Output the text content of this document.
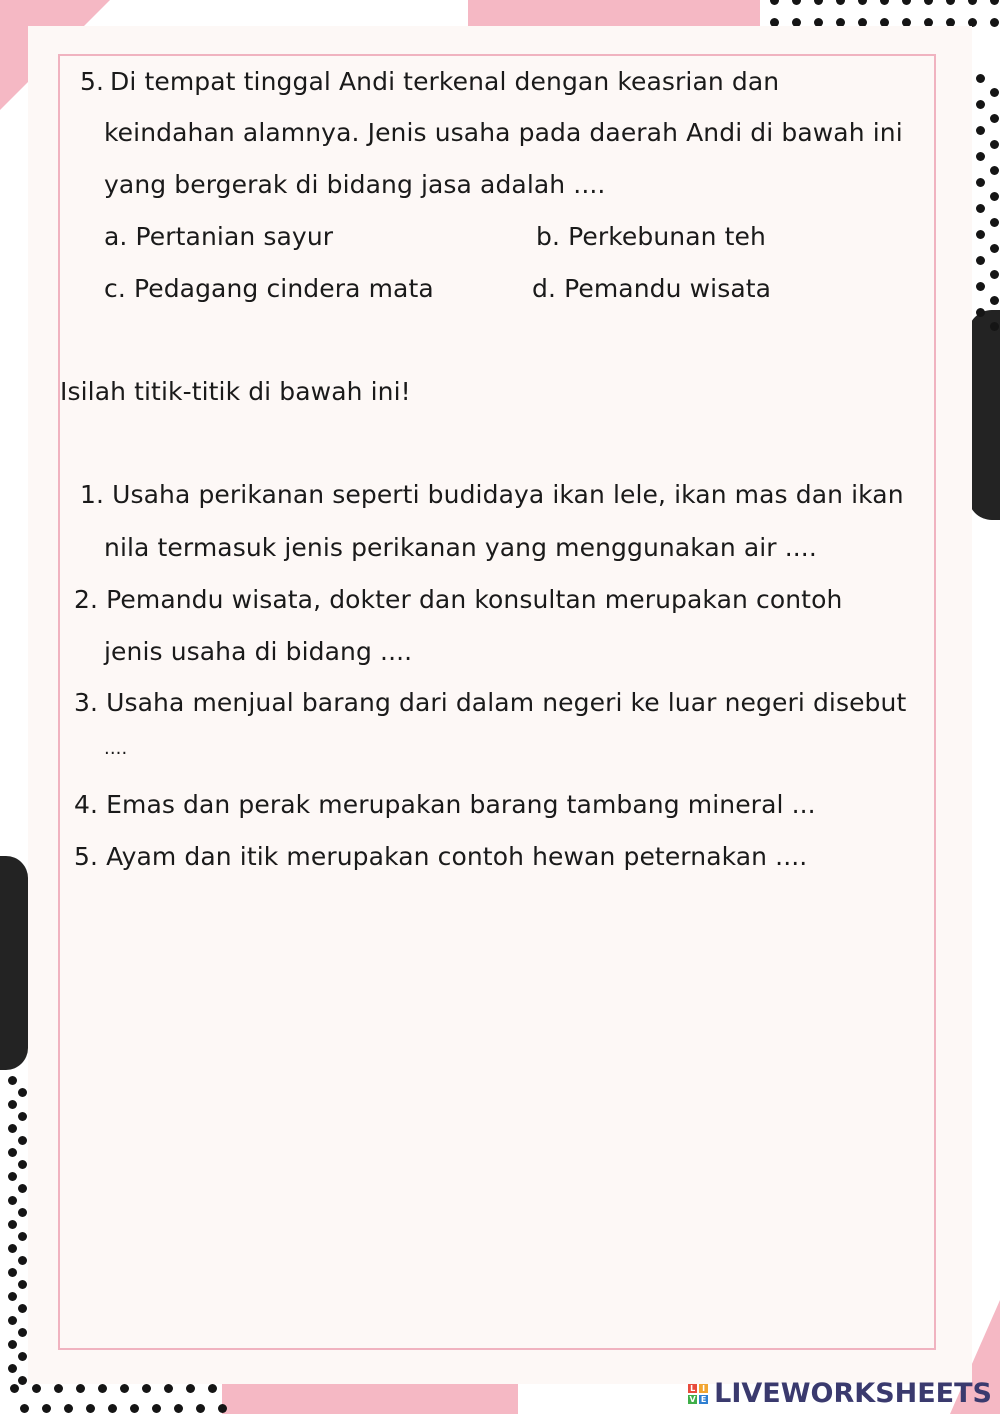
5. Di tempat tinggal Andi terkenal dengan keasrian dan
keindahan alamnya. Jenis usaha pada daerah Andi di bawah ini
yang bergerak di bidang jasa adalah ....
a. Pertanian sayur	b. Perkebunan teh
c. Pedagang cindera mata	d. Pemandu wisata
Isilah titik-titik di bawah ini!
1. Usaha perikanan seperti budidaya ikan lele, ikan mas dan ikan
nila termasuk jenis perikanan yang menggunakan air ....
2. Pemandu wisata, dokter dan konsultan merupakan contoh
jenis usaha di bidang ....
3. Usaha menjual barang dari dalam negeri ke luar negeri disebut
....
4. Emas dan perak merupakan barang tambang mineral ...
5. Ayam dan itik merupakan contoh hewan peternakan ....
L I
V E LIVEWORKSHEETS
